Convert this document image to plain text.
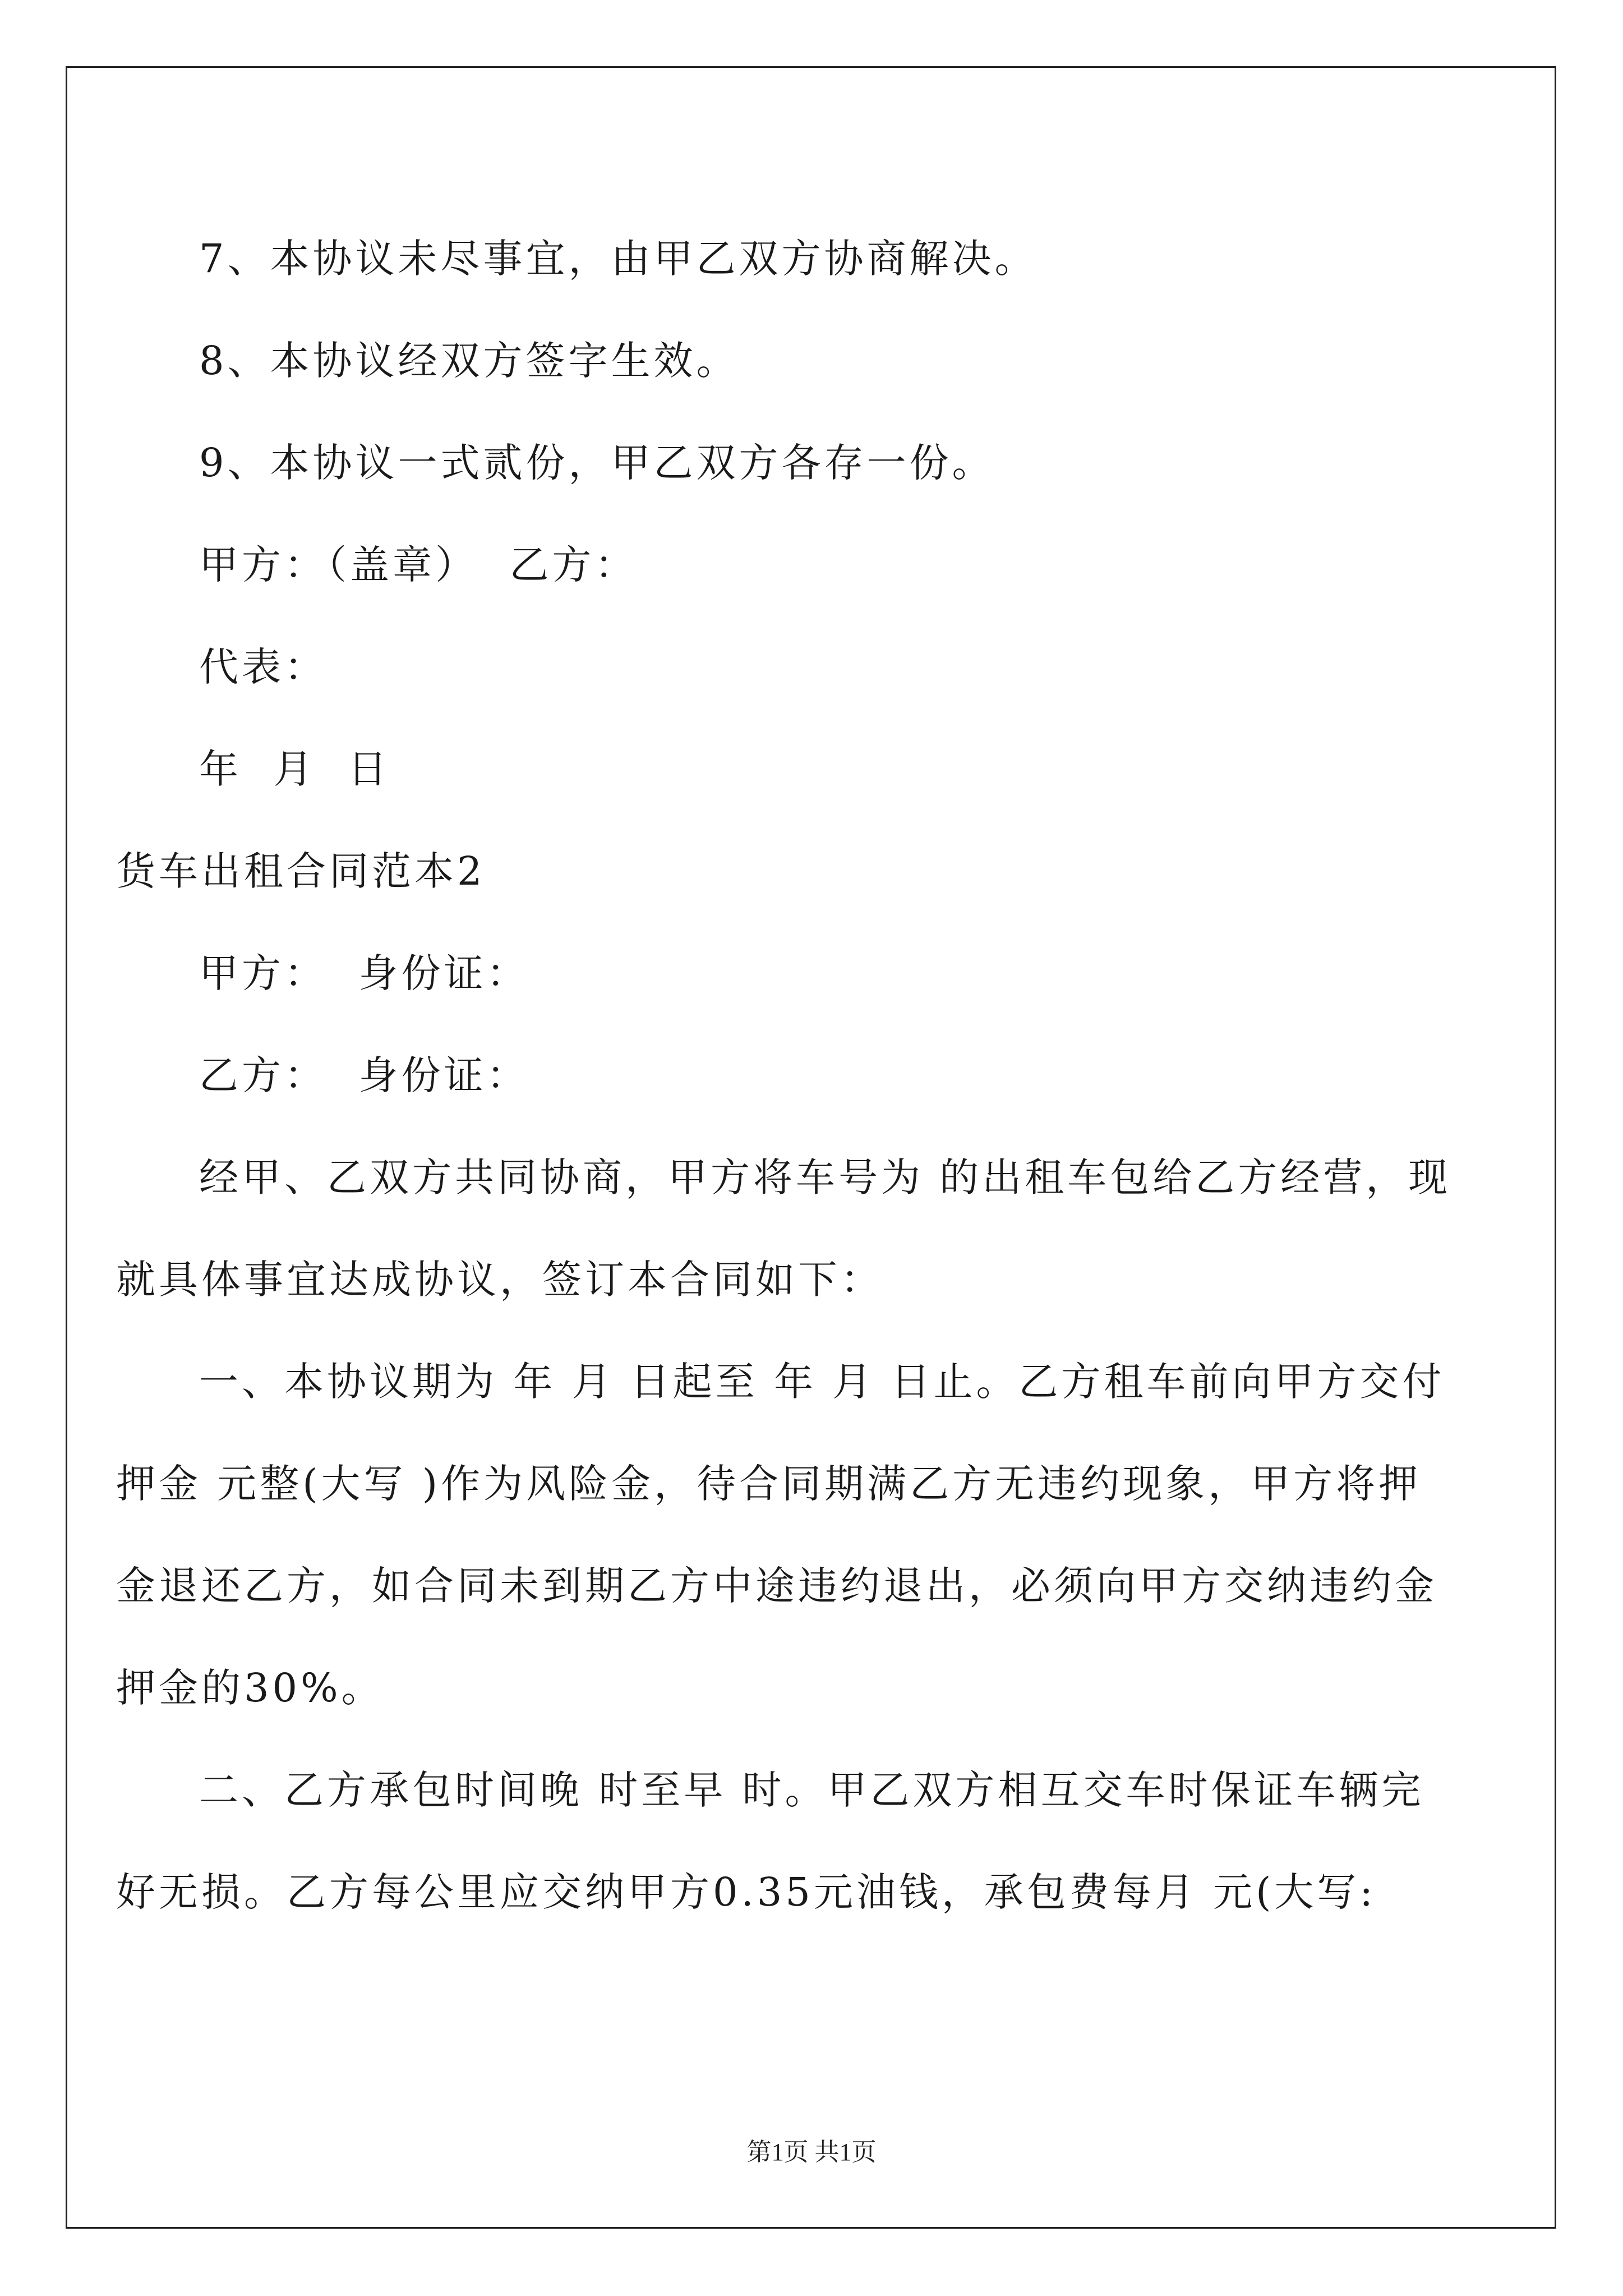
7、本协议未尽事宜，由甲乙双方协商解决。

8、本协议经双方签字生效。

9、本协议一式贰份，甲乙双方各存一份。

甲方：（盖章）  乙方：

代表：

年  月  日

货车出租合同范本2

甲方：  身份证：

乙方：  身份证：

经甲、乙双方共同协商，甲方将车号为 的出租车包给乙方经营，现就具体事宜达成协议，签订本合同如下：

一、本协议期为 年 月 日起至 年 月 日止。乙方租车前向甲方交付押金 元整(大写 )作为风险金，待合同期满乙方无违约现象，甲方将押金退还乙方，如合同未到期乙方中途违约退出，必须向甲方交纳违约金押金的30%。

二、乙方承包时间晚 时至早 时。甲乙双方相互交车时保证车辆完好无损。乙方每公里应交纳甲方0.35元油钱，承包费每月 元(大写:

第1页 共1页
